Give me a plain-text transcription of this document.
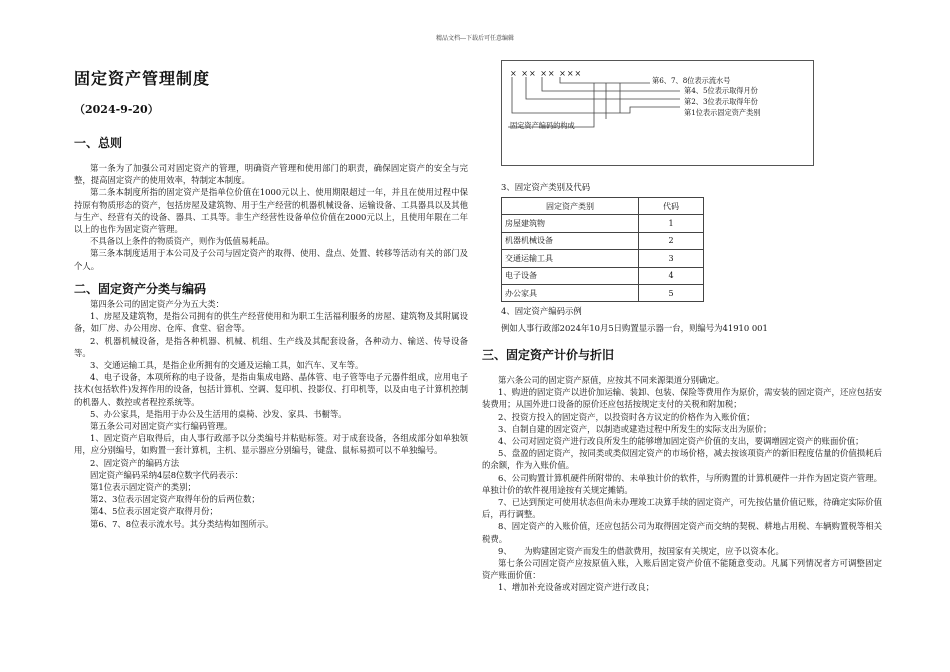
精品文档---下载后可任意编辑
固定资产管理制度
（2024-9-20）
一、总则
第一条为了加强公司对固定资产的管理，明确资产管理和使用部门的职责，确保固定资产的安全与完整，提高固定资产的使用效率，特制定本制度。
第二条本制度所指的固定资产是指单位价值在1000元以上、使用期限超过一年，并且在使用过程中保持原有物质形态的资产，包括房屋及建筑物、用于生产经营的机器机械设备、运输设备、工具器具以及其他与生产、经营有关的设备、器具、工具等。非生产经营性设备单位价值在2000元以上，且使用年限在二年以上的也作为固定资产管理。
不具备以上条件的物质资产，则作为低值易耗品。
第三条本制度适用于本公司及子公司与固定资产的取得、使用、盘点、处置、转移等活动有关的部门及个人。
二、固定资产分类与编码
第四条公司的固定资产分为五大类：
1、房屋及建筑物，是指公司拥有的供生产经营使用和为职工生活福利服务的房屋、建筑物及其附属设备，如厂房、办公用房、仓库、食堂、宿舍等。
2、机器机械设备，是指各种机器、机械、机组、生产线及其配套设备，各种动力、输送、传导设备等。
3、交通运输工具，是指企业所拥有的交通及运输工具，如汽车、叉车等。
4、电子设备，本项所称的电子设备，是指由集成电路、晶体管、电子管等电子元器件组成，应用电子技术(包括软件)发挥作用的设备，包括计算机、空调、复印机、投影仪、打印机等，以及由电子计算机控制的机器人、数控或者程控系统等。
5、办公家具，是指用于办公及生活用的桌椅、沙发、家具、书橱等。
第五条公司对固定资产实行编码管理。
1、固定资产启取得后，由人事行政部予以分类编号并粘贴标签。对于成套设备，各组成部分如单独领用，应分别编号，如购置一套计算机，主机、显示器应分别编号，键盘、鼠标易损可以不单独编号。
2、固定资产的编码方法
固定资产编码采纳4层8位数字代码表示：
第1位表示固定资产的类别；
第2、3位表示固定资产取得年份的后两位数；
第4、5位表示固定资产取得月份；
第6、7、8位表示流水号。其分类结构如图所示。
× ×× ×× ×××
第6、7、8位表示流水号
第4、5位表示取得月份
第2、3位表示取得年份
第1位表示固定资产类别
固定资产编码的构成
3、固定资产类别及代码
固定资产类别	代码
房屋建筑物	1
机器机械设备	2
交通运输工具	3
电子设备	4
办公家具	5
4、固定资产编码示例
例如人事行政部2024年10月5日购置显示器一台，则编号为41910 001
三、固定资产计价与折旧
第六条公司的固定资产原值，应按其不同来源渠道分别确定。
1、购进的固定资产以进价加运输、装卸、包装、保险等费用作为原价，需安装的固定资产，还应包括安装费用；从国外进口设备的原价还应包括按规定支付的关税和附加税；
2、投资方投入的固定资产，以投资时各方议定的价格作为入账价值；
3、自制自建的固定资产，以制造或建造过程中所发生的实际支出为原价；
4、公司对固定资产进行改良所发生的能够增加固定资产价值的支出，要调增固定资产的账面价值；
5、盘盈的固定资产，按同类或类似固定资产的市场价格，减去按该项资产的新旧程度估量的价值损耗后的余额，作为入账价值。
6、公司购置计算机硬件所附带的、未单独计价的软件，与所购置的计算机硬件一并作为固定资产管理。单独计价的软件视用途按有关规定摊销。
7、已达到预定可使用状态但尚未办理竣工决算手续的固定资产，可先按估量价值记账，待确定实际价值后，再行调整。
8、固定资产的入账价值，还应包括公司为取得固定资产而交纳的契税、耕地占用税、车辆购置税等相关税费。
9、　　为购建固定资产而发生的借款费用，按国家有关规定，应予以资本化。
第七条公司固定资产应按原值入账，入账后固定资产价值不能随意变动。凡属下列情况者方可调整固定资产账面价值：
1、增加补充设备或对固定资产进行改良；
